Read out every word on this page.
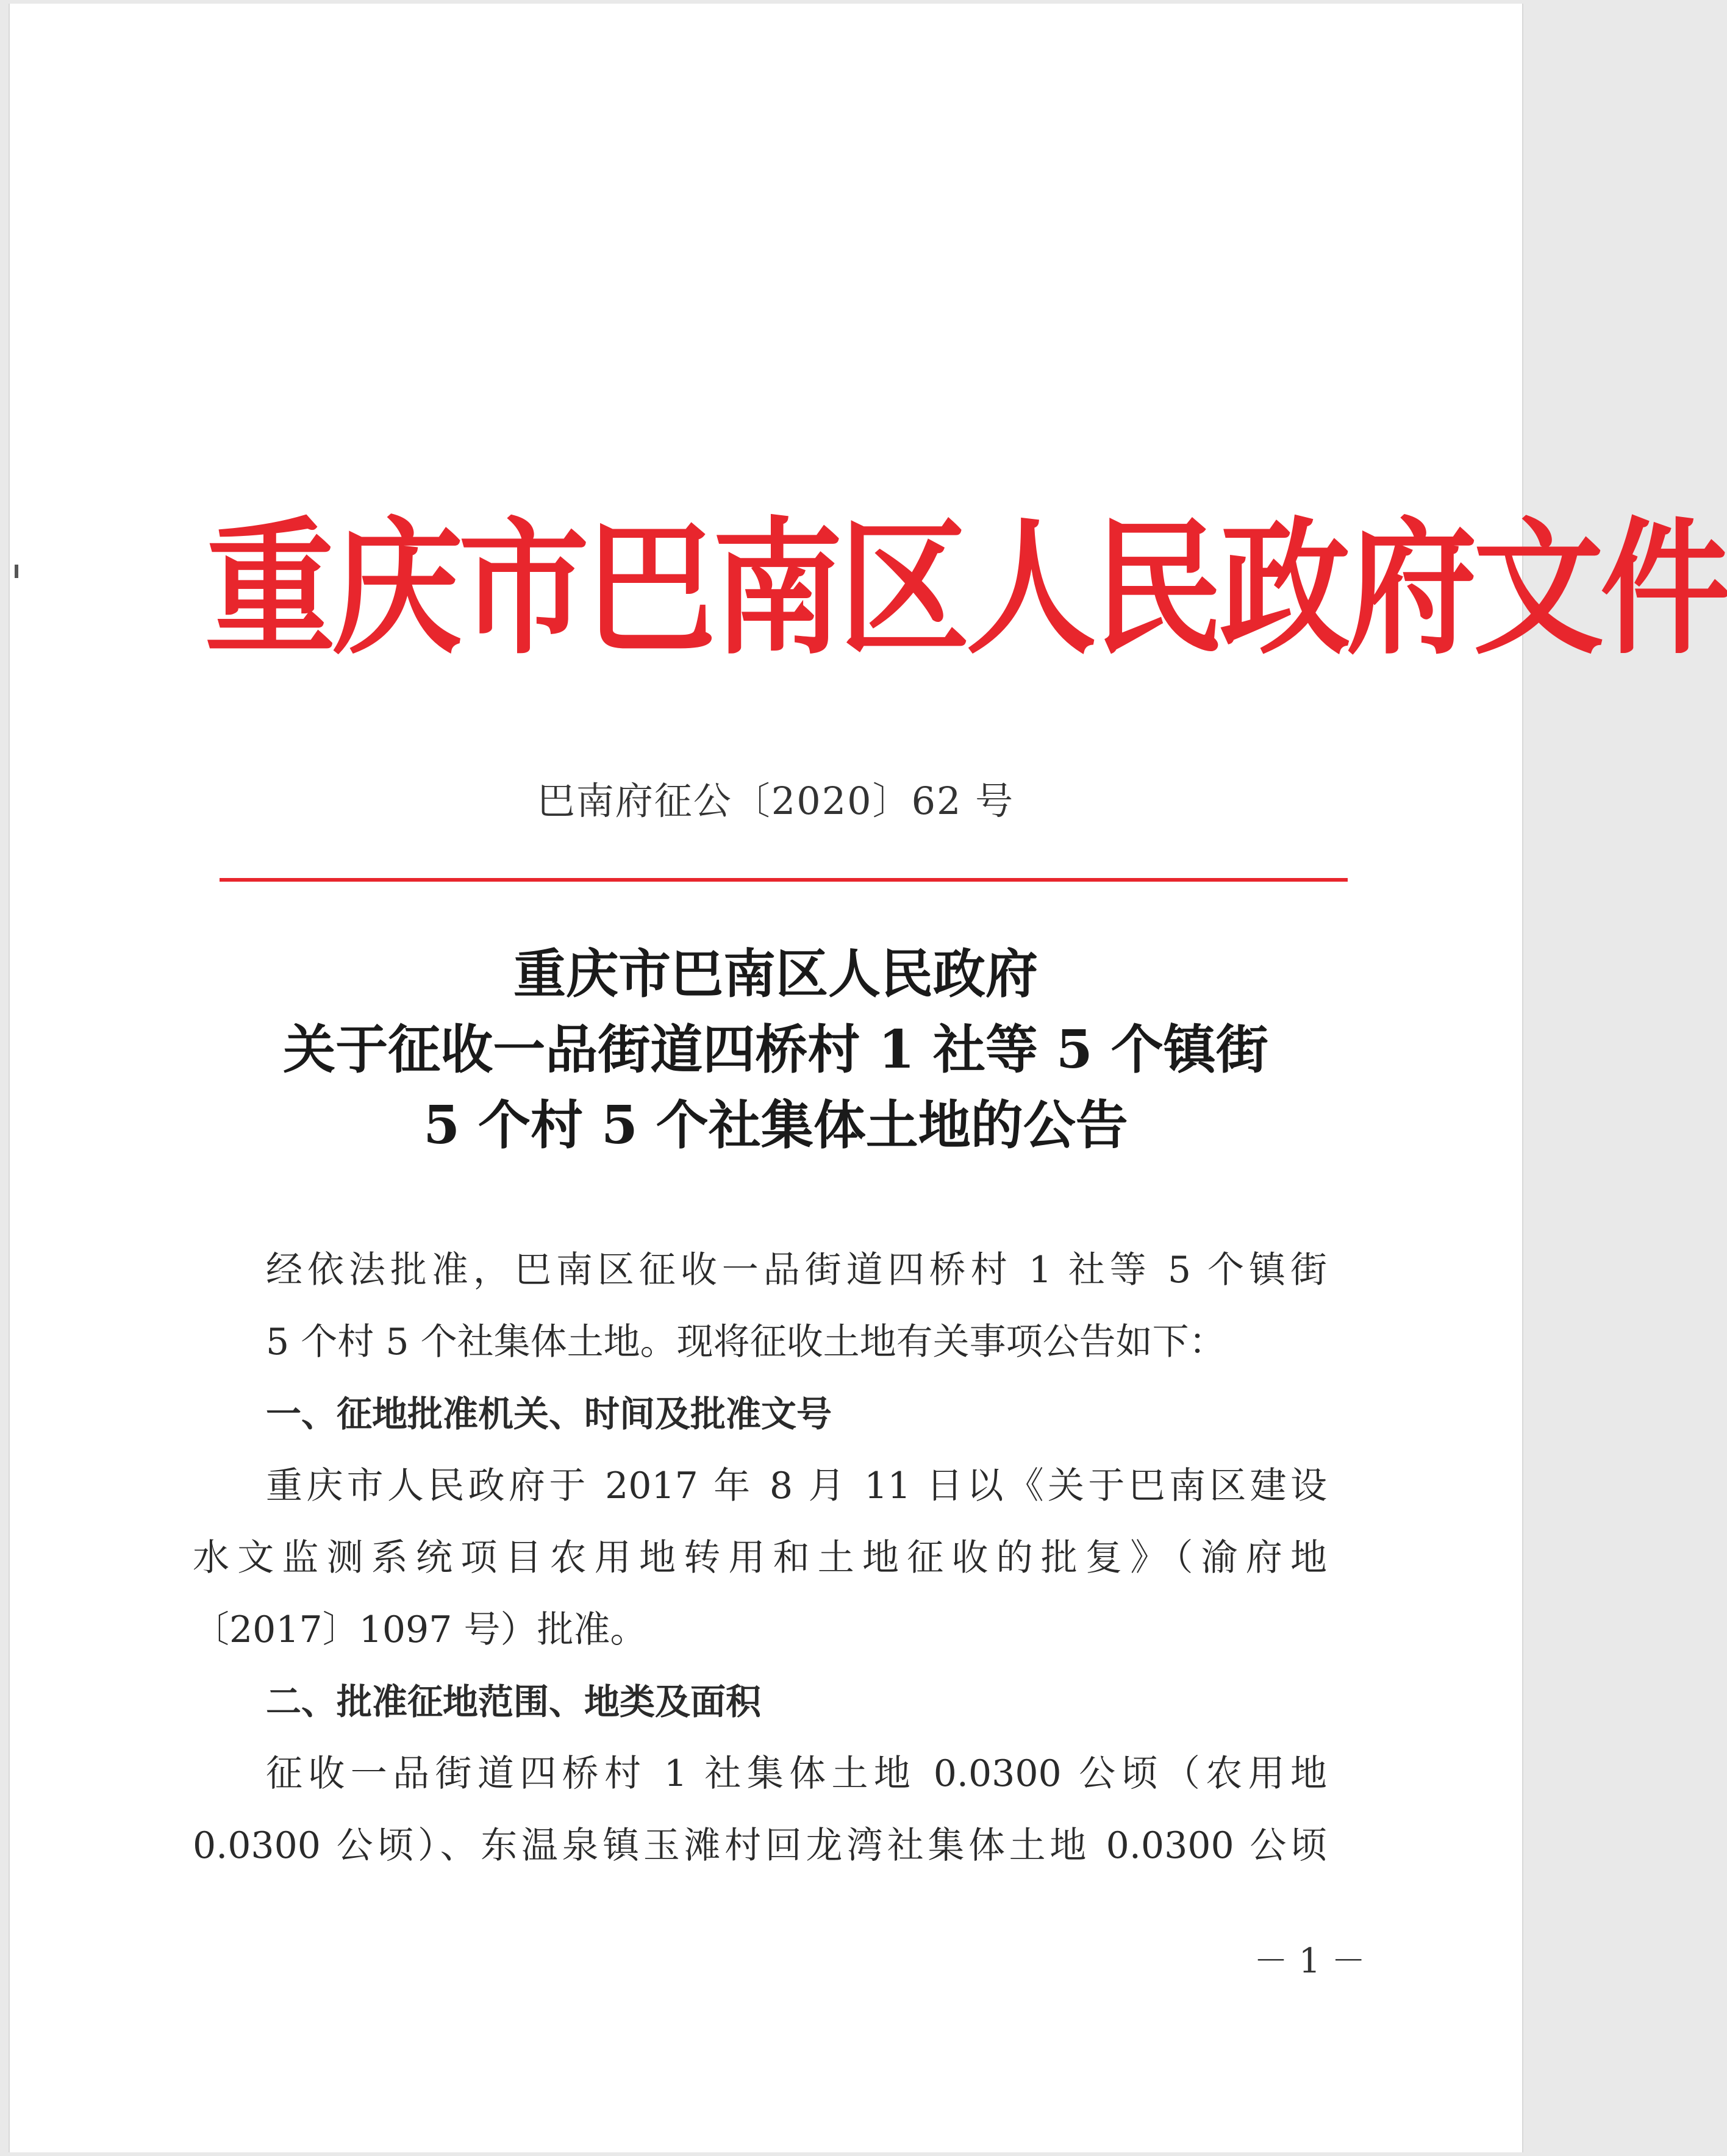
重庆市巴南区人民政府文件
巴南府征公〔2020〕62 号
重庆市巴南区人民政府
关于征收一品街道四桥村 1 社等 5 个镇街
5 个村 5 个社集体土地的公告
经依法批准，巴南区征收一品街道四桥村 1 社等 5 个镇街
5 个村 5 个社集体土地。现将征收土地有关事项公告如下：
一、征地批准机关、时间及批准文号
重庆市人民政府于 2017 年 8 月 11 日以《关于巴南区建设
水文监测系统项目农用地转用和土地征收的批复》（渝府地
〔2017〕1097 号）批准。
二、批准征地范围、地类及面积
征收一品街道四桥村 1 社集体土地 0.0300 公顷（农用地
0.0300 公顷）、东温泉镇玉滩村回龙湾社集体土地 0.0300 公顷
－ 1 －
